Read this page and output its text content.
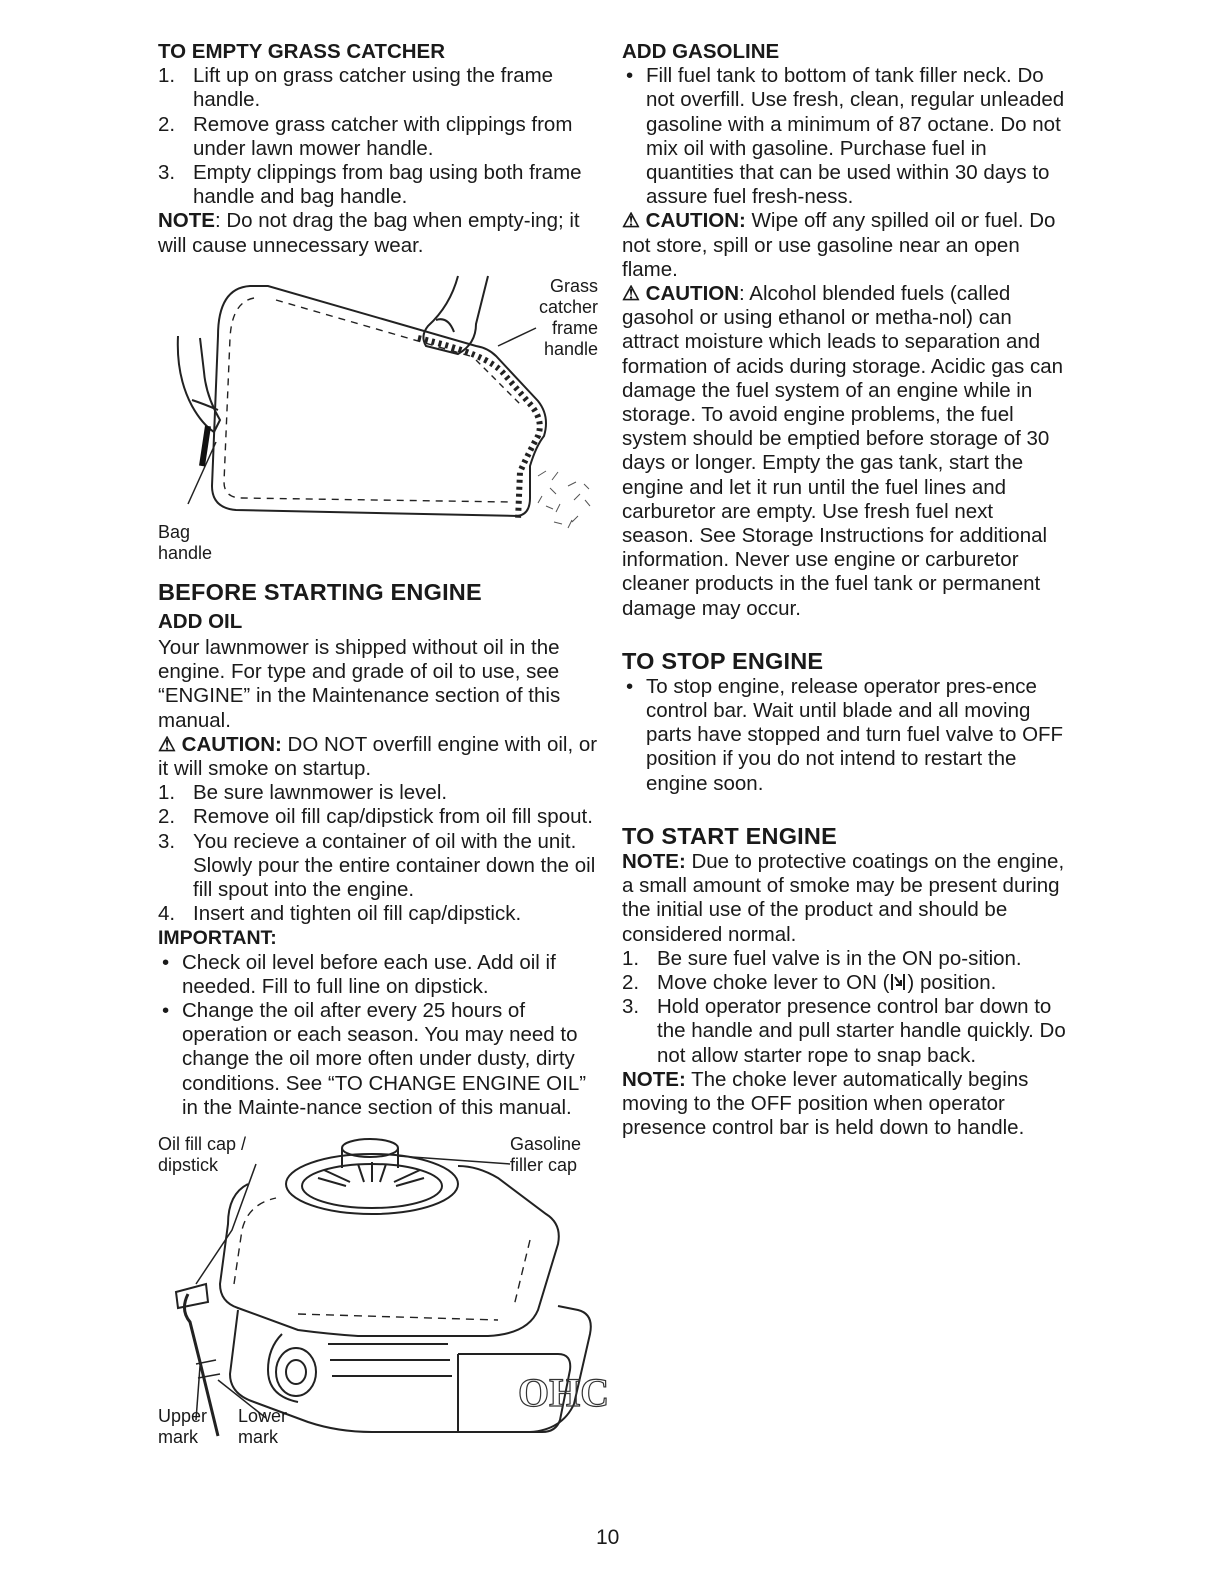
TO EMPTY GRASS CATCHER

1. Lift up on grass catcher using the frame handle.
2. Remove grass catcher with clippings from under lawn mower handle.
3. Empty clippings from bag using both frame handle and bag handle.

NOTE: Do not drag the bag when empty-ing; it will cause unnecessary wear.

Grass catcher frame handle
Bag handle

BEFORE STARTING ENGINE

ADD OIL

Your lawnmower is shipped without oil in the engine. For type and grade of oil to use, see “ENGINE” in the Maintenance section of this manual.

⚠ CAUTION: DO NOT overfill engine with oil, or it will smoke on startup.

1. Be sure lawnmower is level.
2. Remove oil fill cap/dipstick from oil fill spout.
3. You recieve a container of oil with the unit. Slowly pour the entire container down the oil fill spout into the engine.
4. Insert and tighten oil fill cap/dipstick.

IMPORTANT:

• Check oil level before each use. Add oil if needed. Fill to full line on dipstick.
• Change the oil after every 25 hours of operation or each season. You may need to change the oil more often under dusty, dirty conditions. See “TO CHANGE ENGINE OIL” in the Mainte-nance section of this manual.
OHC
Oil fill cap /
dipstick
Gasoline
filler cap
Upper
mark
Lower
mark

ADD GASOLINE

• Fill fuel tank to bottom of tank filler neck. Do not overfill. Use fresh, clean, regular unleaded gasoline with a minimum of 87 octane. Do not mix oil with gasoline. Purchase fuel in quantities that can be used within 30 days to assure fuel fresh-ness.

⚠ CAUTION: Wipe off any spilled oil or fuel. Do not store, spill or use gasoline near an open flame.

⚠ CAUTION: Alcohol blended fuels (called gasohol or using ethanol or metha-nol) can attract moisture which leads to separation and formation of acids during storage. Acidic gas can damage the fuel system of an engine while in storage. To avoid engine problems, the fuel system should be emptied before storage of 30 days or longer. Empty the gas tank, start the engine and let it run until the fuel lines and carburetor are empty. Use fresh fuel next season. See Storage Instructions for additional information. Never use engine or carburetor cleaner products in the fuel tank or permanent damage may occur.

TO STOP ENGINE

• To stop engine, release operator pres-ence control bar. Wait until blade and all moving parts have stopped and turn fuel valve to OFF position if you do not intend to restart the engine soon.

TO START ENGINE

NOTE: Due to protective coatings on the engine, a small amount of smoke may be present during the initial use of the product and should be considered normal.

1. Be sure fuel valve is in the ON po-sition.
2. Move choke lever to ON ( ) position.
3. Hold operator presence control bar down to the handle and pull starter handle quickly. Do not allow starter rope to snap back.

NOTE: The choke lever automatically begins moving to the OFF position when operator presence control bar is held down to handle.

10
